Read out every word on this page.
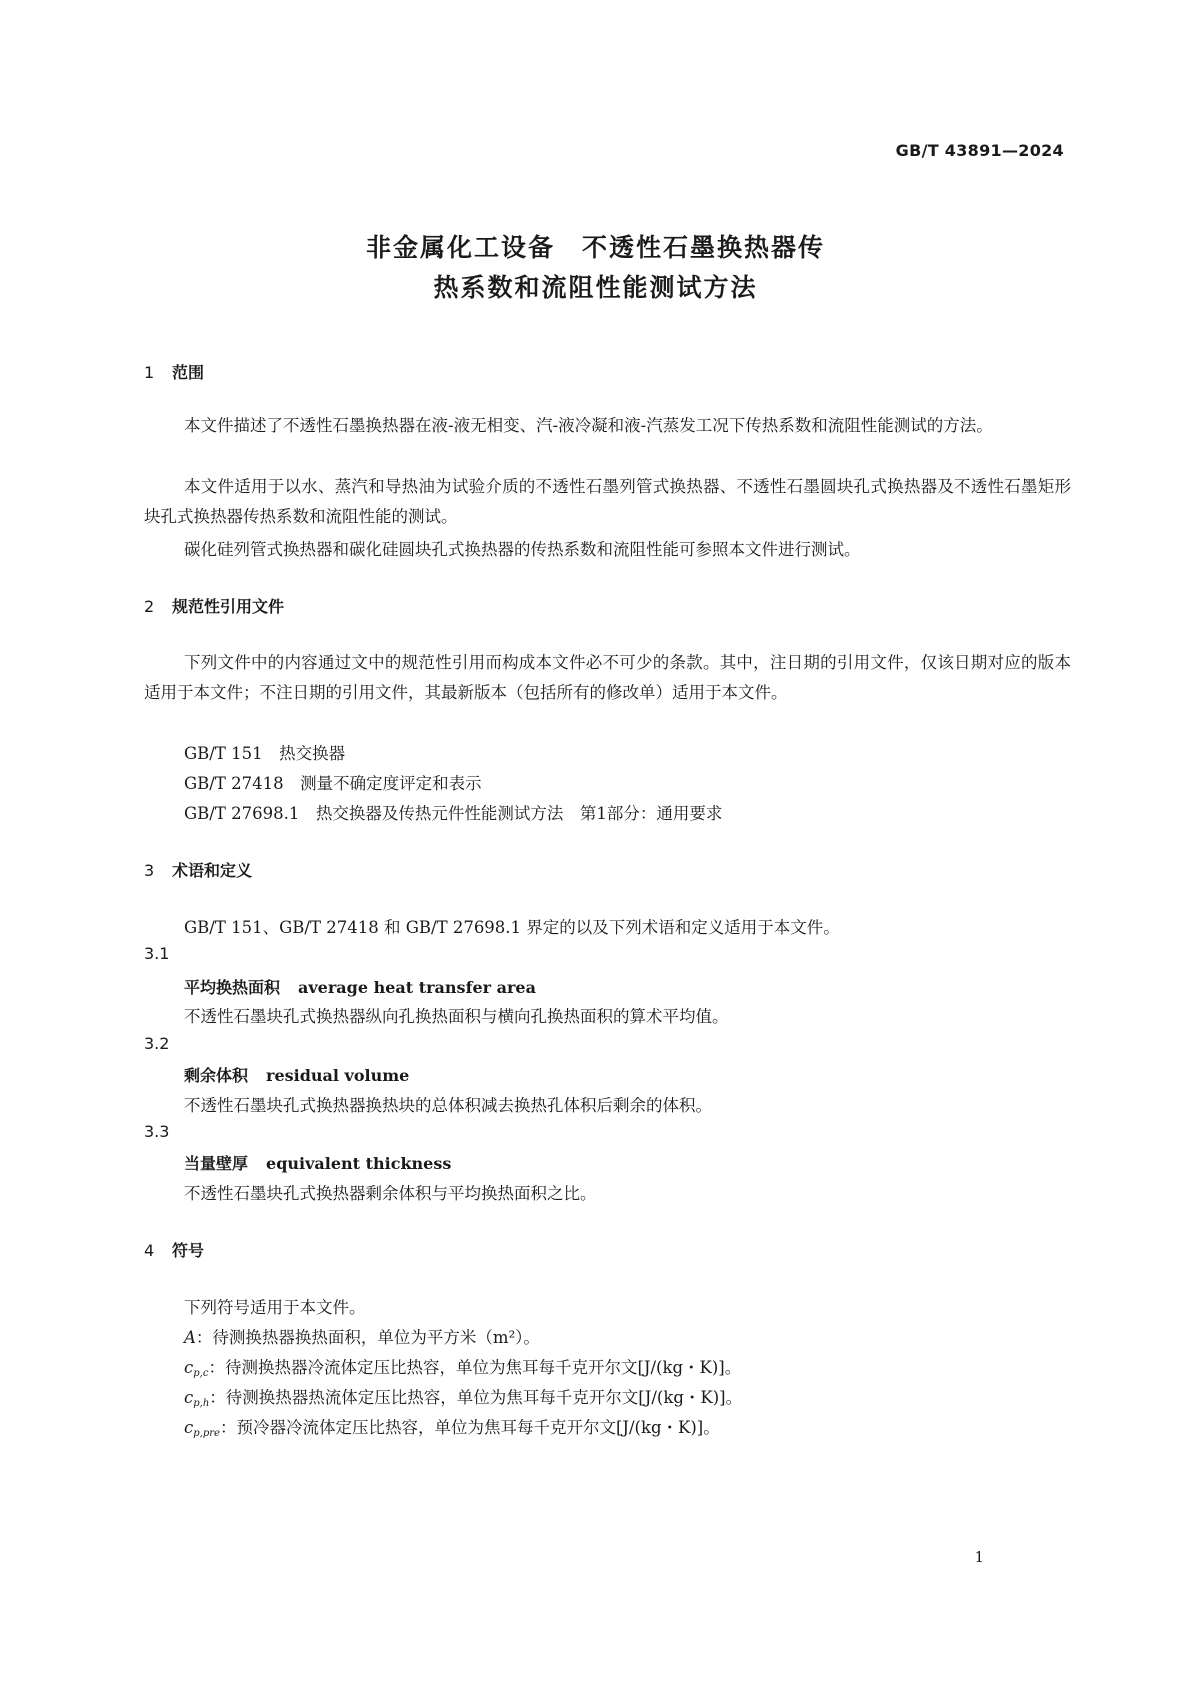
GB/T 43891—2024
非金属化工设备　不透性石墨换热器传
热系数和流阻性能测试方法
1 范围
本文件描述了不透性石墨换热器在液-液无相变、汽-液冷凝和液-汽蒸发工况下传热系数和流阻性能测试的方法。
本文件适用于以水、蒸汽和导热油为试验介质的不透性石墨列管式换热器、不透性石墨圆块孔式换热器及不透性石墨矩形块孔式换热器传热系数和流阻性能的测试。
碳化硅列管式换热器和碳化硅圆块孔式换热器的传热系数和流阻性能可参照本文件进行测试。
2 规范性引用文件
下列文件中的内容通过文中的规范性引用而构成本文件必不可少的条款。其中，注日期的引用文件，仅该日期对应的版本适用于本文件；不注日期的引用文件，其最新版本（包括所有的修改单）适用于本文件。
GB/T 151　热交换器
GB/T 27418　测量不确定度评定和表示
GB/T 27698.1　热交换器及传热元件性能测试方法　第1部分：通用要求
3 术语和定义
GB/T 151、GB/T 27418 和 GB/T 27698.1 界定的以及下列术语和定义适用于本文件。
3.1
平均换热面积 average heat transfer area
不透性石墨块孔式换热器纵向孔换热面积与横向孔换热面积的算术平均值。
3.2
剩余体积 residual volume
不透性石墨块孔式换热器换热块的总体积减去换热孔体积后剩余的体积。
3.3
当量壁厚 equivalent thickness
不透性石墨块孔式换热器剩余体积与平均换热面积之比。
4 符号
下列符号适用于本文件。
A：待测换热器换热面积，单位为平方米（m²）。
$c_{p,c}$：待测换热器冷流体定压比热容，单位为焦耳每千克开尔文[J/(kg・K)]。
$c_{p,h}$：待测换热器热流体定压比热容，单位为焦耳每千克开尔文[J/(kg・K)]。
$c_{p,pre}$：预冷器冷流体定压比热容，单位为焦耳每千克开尔文[J/(kg・K)]。
1
